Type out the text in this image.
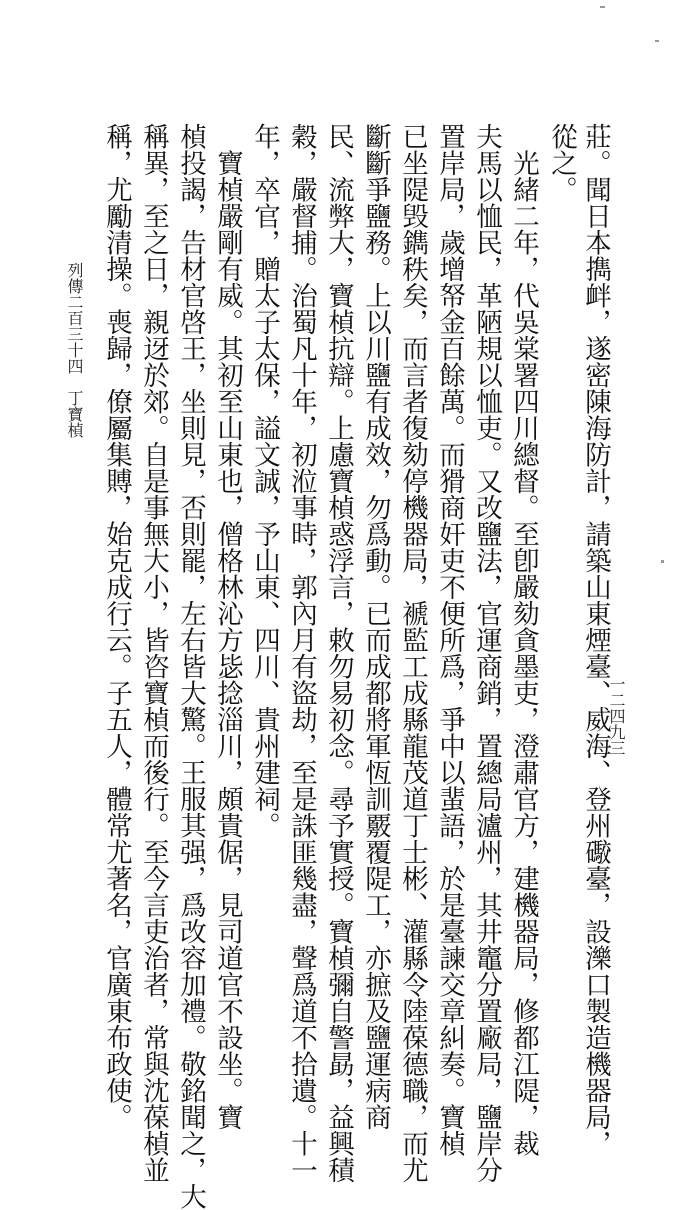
莊。聞日本擕衅，遂密陳海防計，請築山東煙臺、威海、登州礮臺，設濼口製造機器局，
從之。
　光緒二年，代吳棠署四川總督。至卽嚴劾貪墨吏，澄肅官方，建機器局，修都江隄，裁
夫馬以恤民，革陋規以恤吏。又改鹽法，官運商銷，置總局瀘州，其井竈分置廠局，鹽岸分
置岸局，歲增帑金百餘萬。而猾商奸吏不便所爲，爭中以蜚語，於是臺諫交章糾奏。寶楨
已坐隄毁鐫秩矣，而言者復劾停機器局，褫監工成縣龍茂道丁士彬、灌縣令陸葆德職，而尤
斷斷爭鹽務。上以川鹽有成效，勿爲動。已而成都將軍恆訓覈覆隄工，亦摭及鹽運病商
民、流弊大，寶楨抗辯。上慮寶楨惑浮言，敕勿易初念。尋予實授。寶楨彌自警勗，益興積
穀，嚴督捕。治蜀凡十年，初涖事時，郭內月有盜劫，至是誅匪幾盡，聲爲道不拾遺。十一
年，卒官，贈太子太保，謚文誠，予山東、四川、貴州建祠。
　寶楨嚴剛有威。其初至山東也，僧格林沁方毖捻淄川，頗貴倨，見司道官不設坐。寶
楨投謁，告材官啓王，坐則見，否則罷，左右皆大驚。王服其强，爲改容加禮。敬銘聞之，大
稱異，至之日，親迓於郊。自是事無大小，皆咨寶楨而後行。至今言吏治者，常與沈葆楨並
稱，尤勵清操。喪歸，僚屬集賻，始克成行云。子五人，體常尤著名，官廣東布政使。
列傳二百三十四　丁寶楨
一二四九三
